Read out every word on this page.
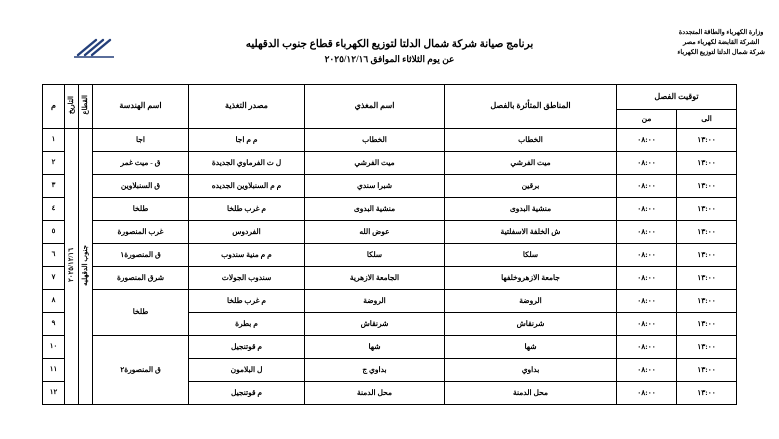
وزارة الكهرباء والطاقة المتجددة
الشركة القابضة لكهرباء مصر
شركة شمال الدلتا لتوزيع الكهرباء
برنامج صيانة شركة شمال الدلتا لتوزيع الكهرباء قطاع جنوب الدقهليه
عن يوم الثلاثاء الموافق ٢٠٢٥/١٢/١٦
توقيت الفصل		المناطق المتأثرة بالفصل	اسم المغذي	مصدر التغذية	اسم الهندسة	القطاع	التاريخ	م
الى	من							
١٣:٠٠	٠٨:٠٠	الخطاب	الخطاب	م م اجا	اجا	جنوب الدقهليه	٢٠٢٥/١٢/١٦	١
١٣:٠٠	٠٨:٠٠	ميت الفرشي	ميت الفرشي	ل ت الفرماوي الجديدة	ق - ميت غمر			٢
١٣:٠٠	٠٨:٠٠	برقين	شبرا سندي	م م السنبلاوين الجديده	ق السنبلاوين			٣
١٣:٠٠	٠٨:٠٠	منشية البدوى	منشية البدوى	م غرب طلخا	طلخا			٤
١٣:٠٠	٠٨:٠٠	ش الخلفة الاسفلتية	عوض الله	الفردوس	غرب المنصورة			٥
١٣:٠٠	٠٨:٠٠	سلكا	سلكا	م م منية سندوب	ق المنصورة١			٦
١٣:٠٠	٠٨:٠٠	جامعة الازهروخلفها	الجامعة الازهرية	سندوب الجولات	شرق المنصورة			٧
١٣:٠٠	٠٨:٠٠	الروضة	الروضة	م غرب طلخا	طلخا			٨
١٣:٠٠	٠٨:٠٠	شرنقاش	شرنقاش	م بطرة				٩
١٣:٠٠	٠٨:٠٠	شها	شها	م قوتنجيل	ق المنصورة٢			١٠
١٣:٠٠	٠٨:٠٠	بداوي	بداوي ج	ل البلامون				١١
١٣:٠٠	٠٨:٠٠	محل الدمنة	محل الدمنة	م قوتنجيل				١٢
